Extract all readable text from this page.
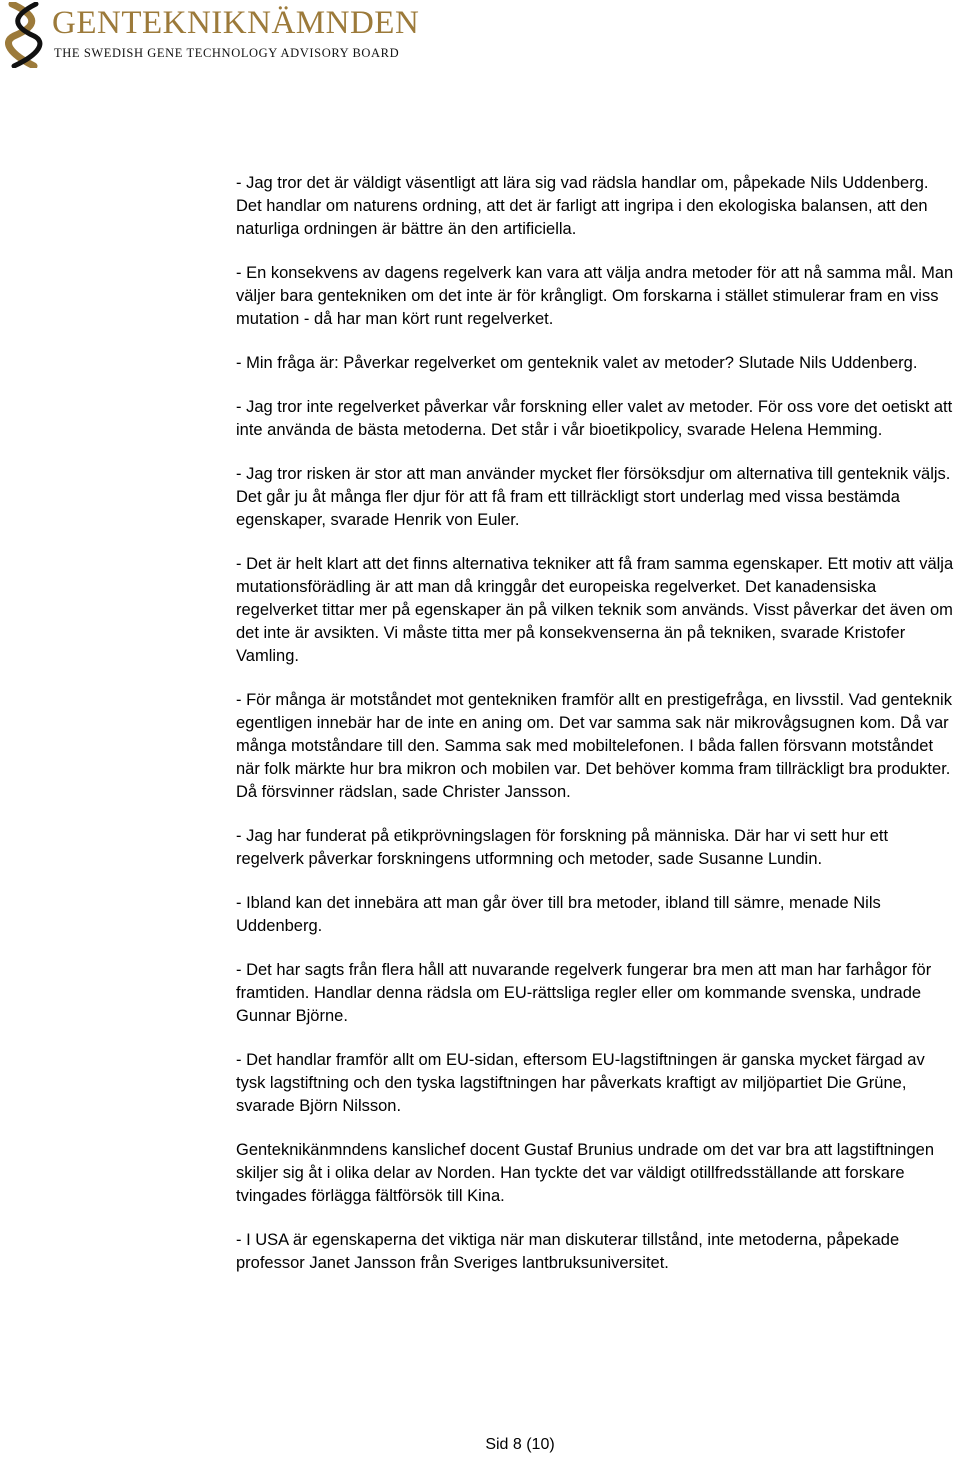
GENTEKNIKNÄMNDEN
THE SWEDISH GENE TECHNOLOGY ADVISORY BOARD

- Jag tror det är väldigt väsentligt att lära sig vad rädsla handlar om, påpekade Nils Uddenberg. Det handlar om naturens ordning, att det är farligt att ingripa i den ekologiska balansen, att den naturliga ordningen är bättre än den artificiella.

- En konsekvens av dagens regelverk kan vara att välja andra metoder för att nå samma mål. Man väljer bara gentekniken om det inte är för krångligt. Om forskarna i stället stimulerar fram en viss mutation - då har man kört runt regelverket.

- Min fråga är: Påverkar regelverket om genteknik valet av metoder? Slutade Nils Uddenberg.

- Jag tror inte regelverket påverkar vår forskning eller valet av metoder. För oss vore det oetiskt att inte använda de bästa metoderna. Det står i vår bioetikpolicy, svarade Helena Hemming.

- Jag tror risken är stor att man använder mycket fler försöksdjur om alternativa till genteknik väljs. Det går ju åt många fler djur för att få fram ett tillräckligt stort underlag med vissa bestämda egenskaper, svarade Henrik von Euler.

- Det är helt klart att det finns alternativa tekniker att få fram samma egenskaper. Ett motiv att välja mutationsförädling är att man då kringgår det europeiska regelverket. Det kanadensiska regelverket tittar mer på egenskaper än på vilken teknik som används. Visst påverkar det även om det inte är avsikten. Vi måste titta mer på konsekvenserna än på tekniken, svarade Kristofer Vamling.

- För många är motståndet mot gentekniken framför allt en prestigefråga, en livsstil. Vad genteknik egentligen innebär har de inte en aning om. Det var samma sak när mikrovågsugnen kom. Då var många motståndare till den. Samma sak med mobiltelefonen. I båda fallen försvann motståndet när folk märkte hur bra mikron och mobilen var. Det behöver komma fram tillräckligt bra produkter. Då försvinner rädslan, sade Christer Jansson.

- Jag har funderat på etikprövningslagen för forskning på människa. Där har vi sett hur ett regelverk påverkar forskningens utformning och metoder, sade Susanne Lundin.

- Ibland kan det innebära att man går över till bra metoder, ibland till sämre, menade Nils Uddenberg.

- Det har sagts från flera håll att nuvarande regelverk fungerar bra men att man har farhågor för framtiden. Handlar denna rädsla om EU-rättsliga regler eller om kommande svenska, undrade Gunnar Björne.

- Det handlar framför allt om EU-sidan, eftersom EU-lagstiftningen är ganska mycket färgad av tysk lagstiftning och den tyska lagstiftningen har påverkats kraftigt av miljöpartiet Die Grüne, svarade Björn Nilsson.

Genteknikänmndens kanslichef docent Gustaf Brunius undrade om det var bra att lagstiftningen skiljer sig åt i olika delar av Norden. Han tyckte det var väldigt otillfredsställande att forskare tvingades förlägga fältförsök till Kina.

- I USA är egenskaperna det viktiga när man diskuterar tillstånd, inte metoderna, påpekade professor Janet Jansson från Sveriges lantbruksuniversitet.

Sid 8 (10)
